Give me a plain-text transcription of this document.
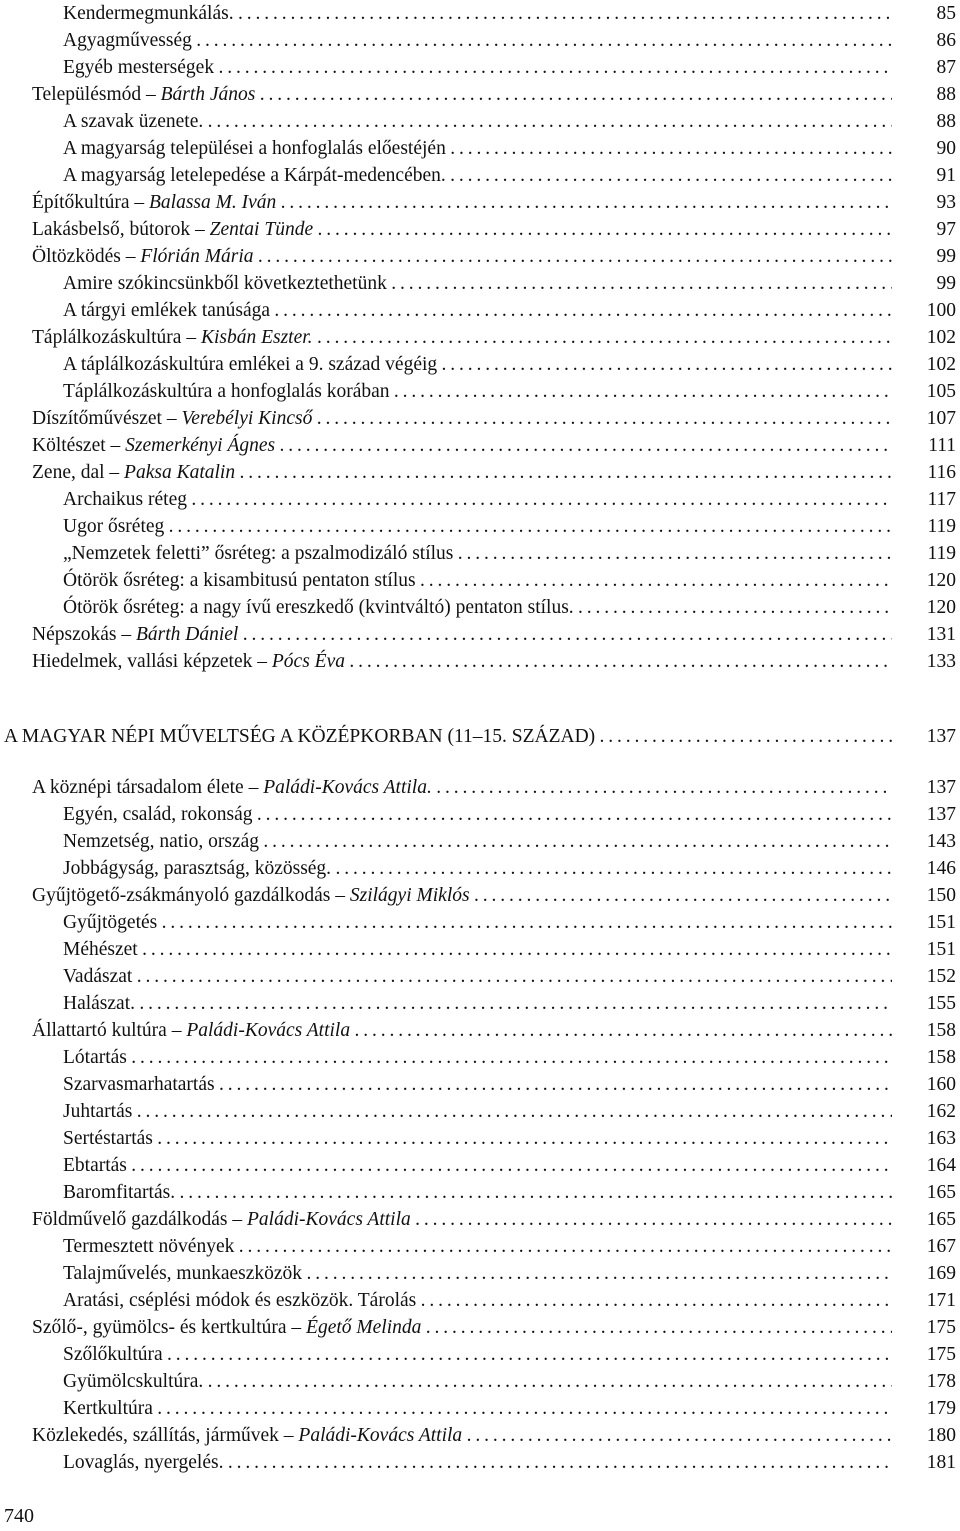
Kendermegmunkálás. . . .	85
Agyagművesség . . .	86
Egyéb mesterségek . . .	87
Településmód – Bárth János . . .	88
A szavak üzenete. . . .	88
A magyarság települései a honfoglalás előestéjén . . .	90
A magyarság letelepedése a Kárpát-medencében. . . .	91
Építőkultúra – Balassa M. Iván . . .	93
Lakásbelső, bútorok – Zentai Tünde . . .	97
Öltözködés – Flórián Mária . . .	99
Amire szókincsünkből következtethetünk . . .	99
A tárgyi emlékek tanúsága . . .	100
Táplálkozáskultúra – Kisbán Eszter. . . .	102
A táplálkozáskultúra emlékei a 9. század végéig . . .	102
Táplálkozáskultúra a honfoglalás korában . . .	105
Díszítőművészet – Verebélyi Kincső . . .	107
Költészet – Szemerkényi Ágnes . . .	111
Zene, dal – Paksa Katalin . . .	116
Archaikus réteg . . .	117
Ugor ősréteg . . .	119
„Nemzetek feletti” ősréteg: a pszalmodizáló stílus . . .	119
Ótörök ősréteg: a kisambitusú pentaton stílus . . .	120
Ótörök ősréteg: a nagy ívű ereszkedő (kvintváltó) pentaton stílus. . . .	120
Népszokás – Bárth Dániel . . .	131
Hiedelmek, vallási képzetek – Pócs Éva . . .	133
A MAGYAR NÉPI MŰVELTSÉG A KÖZÉPKORBAN (11–15. SZÁZAD) . . .	137
A köznépi társadalom élete – Paládi-Kovács Attila. . . .	137
Egyén, család, rokonság . . .	137
Nemzetség, natio, ország . . .	143
Jobbágyság, parasztság, közösség. . . .	146
Gyűjtögető-zsákmányoló gazdálkodás – Szilágyi Miklós . . .	150
Gyűjtögetés . . .	151
Méhészet . . .	151
Vadászat . . .	152
Halászat. . . .	155
Állattartó kultúra – Paládi-Kovács Attila . . .	158
Lótartás . . .	158
Szarvasmarhatartás . . .	160
Juhtartás . . .	162
Sertéstartás . . .	163
Ebtartás . . .	164
Baromfitartás. . . .	165
Földművelő gazdálkodás – Paládi-Kovács Attila . . .	165
Termesztett növények . . .	167
Talajművelés, munkaeszközök . . .	169
Aratási, cséplési módok és eszközök. Tárolás . . .	171
Szőlő-, gyümölcs- és kertkultúra – Égető Melinda . . .	175
Szőlőkultúra . . .	175
Gyümölcskultúra. . . .	178
Kertkultúra . . .	179
Közlekedés, szállítás, járművek – Paládi-Kovács Attila . . .	180
Lovaglás, nyergelés. . . .	181
740
